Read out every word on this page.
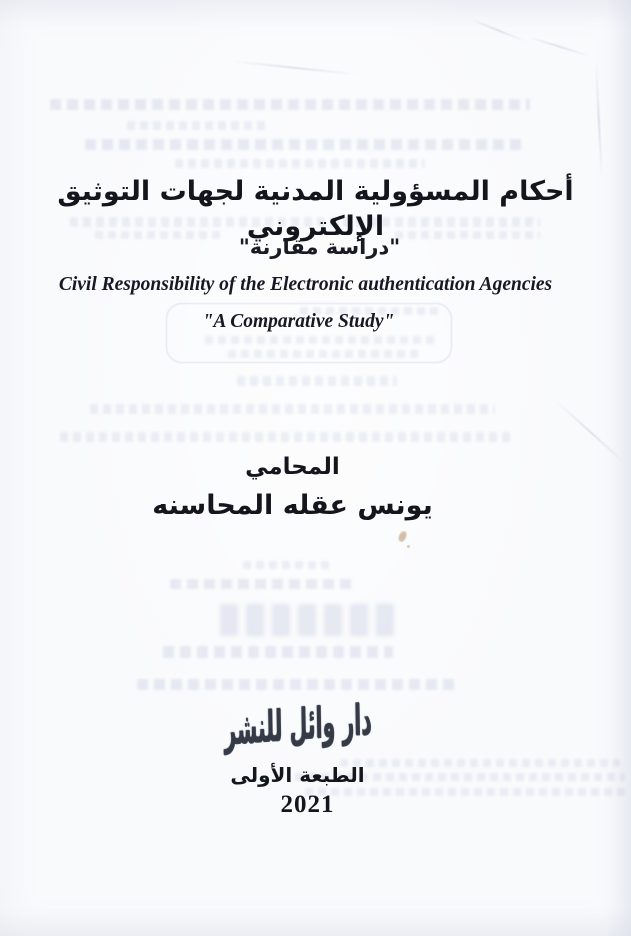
أحكام المسؤولية المدنية لجهات التوثيق الإلكتروني
"دراسة مقارنة"
Civil Responsibility of the Electronic authentication Agencies
"A Comparative Study"
المحامي
يونس عقله المحاسنه
دار وائل للنشر
الطبعة الأولى
2021
